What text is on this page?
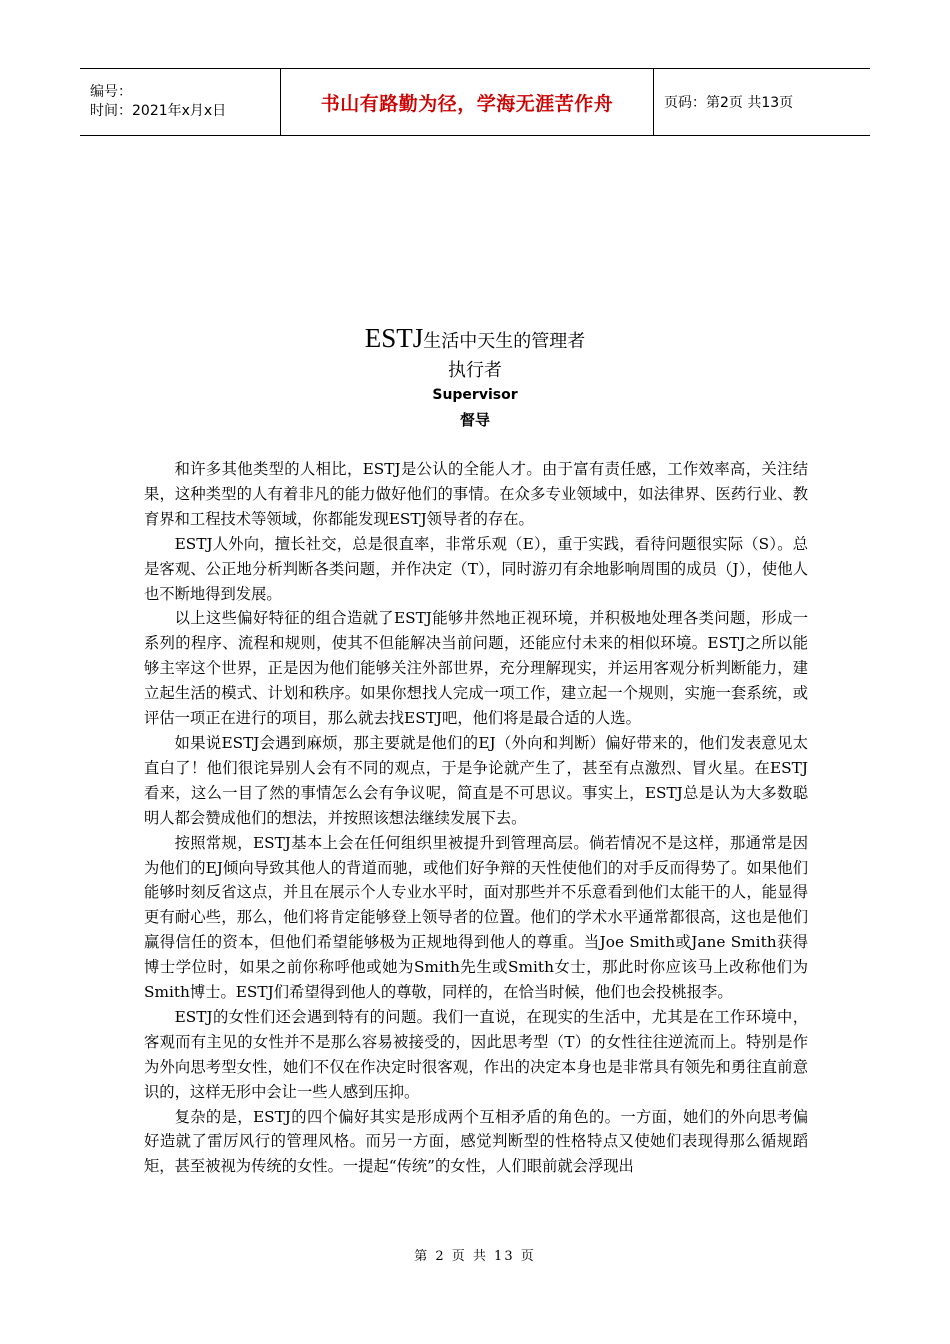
编号：
时间：2021年x月x日	书山有路勤为径，学海无涯苦作舟	页码：第2页 共13页
ESTJ生活中天生的管理者
执行者
Supervisor
督导

和许多其他类型的人相比，ESTJ是公认的全能人才。由于富有责任感，工作效率高，关注结果，这种类型的人有着非凡的能力做好他们的事情。在众多专业领域中，如法律界、医药行业、教育界和工程技术等领域，你都能发现ESTJ领导者的存在。

ESTJ人外向，擅长社交，总是很直率，非常乐观（E），重于实践，看待问题很实际（S）。总是客观、公正地分析判断各类问题，并作决定（T），同时游刃有余地影响周围的成员（J），使他人也不断地得到发展。

以上这些偏好特征的组合造就了ESTJ能够井然地正视环境，并积极地处理各类问题，形成一系列的程序、流程和规则，使其不但能解决当前问题，还能应付未来的相似环境。ESTJ之所以能够主宰这个世界，正是因为他们能够关注外部世界，充分理解现实，并运用客观分析判断能力，建立起生活的模式、计划和秩序。如果你想找人完成一项工作，建立起一个规则，实施一套系统，或评估一项正在进行的项目，那么就去找ESTJ吧，他们将是最合适的人选。

如果说ESTJ会遇到麻烦，那主要就是他们的EJ（外向和判断）偏好带来的，他们发表意见太直白了！他们很诧异别人会有不同的观点，于是争论就产生了，甚至有点激烈、冒火星。在ESTJ看来，这么一目了然的事情怎么会有争议呢，简直是不可思议。事实上，ESTJ总是认为大多数聪明人都会赞成他们的想法，并按照该想法继续发展下去。

按照常规，ESTJ基本上会在任何组织里被提升到管理高层。倘若情况不是这样，那通常是因为他们的EJ倾向导致其他人的背道而驰，或他们好争辩的天性使他们的对手反而得势了。如果他们能够时刻反省这点，并且在展示个人专业水平时，面对那些并不乐意看到他们太能干的人，能显得更有耐心些，那么，他们将肯定能够登上领导者的位置。他们的学术水平通常都很高，这也是他们赢得信任的资本，但他们希望能够极为正规地得到他人的尊重。当Joe Smith或Jane Smith获得博士学位时，如果之前你称呼他或她为Smith先生或Smith女士，那此时你应该马上改称他们为Smith博士。ESTJ们希望得到他人的尊敬，同样的，在恰当时候，他们也会投桃报李。

ESTJ的女性们还会遇到特有的问题。我们一直说，在现实的生活中，尤其是在工作环境中，客观而有主见的女性并不是那么容易被接受的，因此思考型（T）的女性往往逆流而上。特别是作为外向思考型女性，她们不仅在作决定时很客观，作出的决定本身也是非常具有领先和勇往直前意识的，这样无形中会让一些人感到压抑。

复杂的是，ESTJ的四个偏好其实是形成两个互相矛盾的角色的。一方面，她们的外向思考偏好造就了雷厉风行的管理风格。而另一方面，感觉判断型的性格特点又使她们表现得那么循规蹈矩，甚至被视为传统的女性。一提起“传统”的女性，人们眼前就会浮现出

第 2 页 共 13 页
